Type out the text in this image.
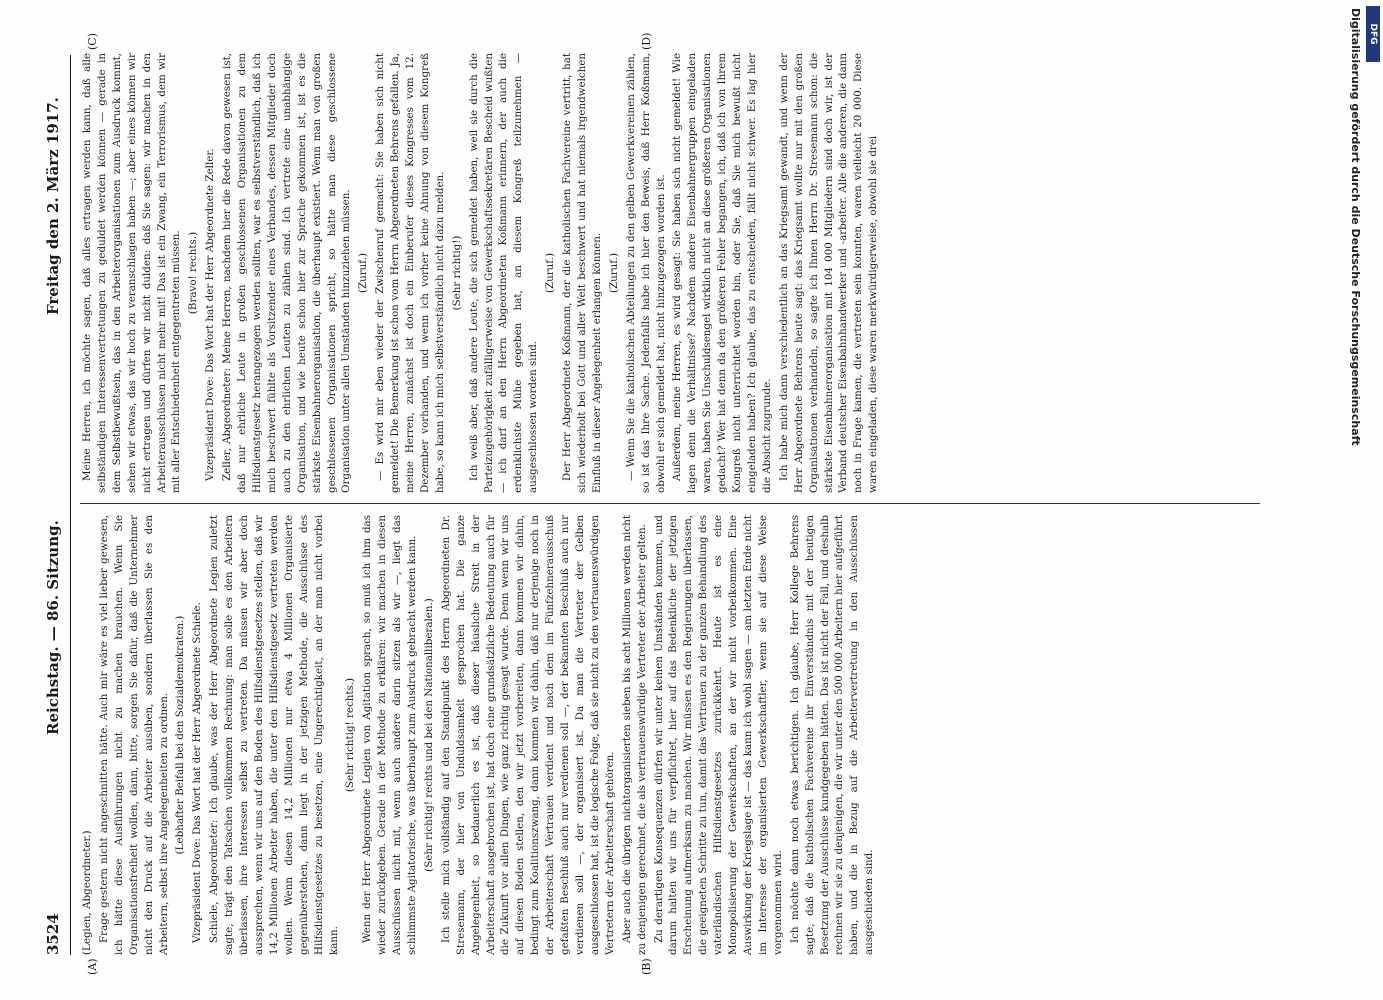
3524
Reichstag. — 86. Sitzung.
Freitag den 2. März 1917.
(A)	(B)
(C)	(D)

(Legien, Abgeordneter.) Frage gestern nicht angeschnitten hätte. Auch mir wäre es viel lieber gewesen, ich hätte diese Ausführungen nicht zu machen brauchen. Wenn Sie Organisationsfreiheit wollen, dann, bitte, sorgen Sie dafür, daß die Unternehmer nicht den Druck auf die Arbeiter ausüben, sondern überlassen Sie es den Arbeitern, selbst ihre Angelegenheiten zu ordnen. (Lebhafter Beifall bei den Sozialdemokraten.) Vizepräsident Dove: Das Wort hat der Herr Abgeordnete Schiele. Schiele, Abgeordneter: Ich glaube, was der Herr Abgeordnete Legien zuletzt sagte, trägt den Tatsachen vollkommen Rechnung: man solle es den Arbeitern überlassen, ihre Interessen selbst zu vertreten. Da müssen wir aber doch aussprechen, wenn wir uns auf den Boden des Hilfsdienstgesetzes stellen, daß wir 14,2 Millionen Arbeiter haben, die unter den Hilfsdienstgesetz vertreten werden wollen. Wenn diesen 14,2 Millionen nur etwa 4 Millionen Organisierte gegenüberstehen, dann liegt in der jetzigen Methode, die Ausschüsse des Hilfsdienstgesetzes zu besetzen, eine Ungerechtigkeit, an der man nicht vorbei kann.

(Sehr richtig! rechts.) Wenn der Herr Abgeordnete Legien von Agitation sprach, so muß ich ihm das wieder zurückgeben. Gerade in der Methode zu erklären: wir machen in diesen Ausschüssen nicht mit, wenn auch andere darin sitzen als wir —, liegt das schlimmste Agitatorische, was überhaupt zum Ausdruck gebracht werden kann. (Sehr richtig! rechts und bei den Nationalliberalen.) Ich stelle mich vollständig auf den Standpunkt des Herrn Abgeordneten Dr. Stresemann, der hier von Unduldsamkeit gesprochen hat. Die ganze Angelegenheit, so bedauerlich es ist, daß dieser häusliche Streit in der Arbeiterschaft ausgebrochen ist, hat doch eine grundsätzliche Bedeutung auch für die Zukunft vor allen Dingen, wie ganz richtig gesagt wurde. Denn wenn wir uns auf diesen Boden stellen, den wir jetzt vorbereiten, dann kommen wir dahin, bedingt zum Koalitionszwang, dann kommen wir dahin, daß nur derjenige noch in der Arbeiterschaft Vertrauen verdient und nach dem im Fünfzehnerausschuß gefaßten Beschluß auch nur verdienen soll —, der bekannten Beschluß auch nur verdienen soll —, der organisiert ist. Da man die Vertreter der Gelben ausgeschlossen hat, ist die logische Folge, daß sie nicht zu den vertrauenswürdigen Vertretern der Arbeiterschaft gehören. Aber auch die übrigen nichtorganisierten sieben bis acht Millionen werden nicht zu denjenigen gerechnet, die als vertrauenswürdige Vertreter der Arbeiter gelten. Zu derartigen Konsequenzen dürfen wir unter keinen Umständen kommen, und darum halten wir uns für verpflichtet, hier auf das Bedenkliche der jetzigen Erscheinung aufmerksam zu machen. Wir müssen es den Regierungen überlassen, die geeigneten Schritte zu tun, damit das Vertrauen zu der ganzen Behandlung des vaterländischen Hilfsdienstgesetzes zurückkehrt. Heute ist es eine Monopolisierung der Gewerkschaften, an der wir nicht vorbeikommen. Eine Auswirkung der Kriegslage ist — das kann ich wohl sagen — am letzten Ende nicht im Interesse der organisierten Gewerkschaftler, wenn sie auf diese Weise vorgenommen wird. Ich möchte dann noch etwas berichtigen. Ich glaube, Herr Kollege Behrens sagte, daß die katholischen Fachvereine ihr Einverständnis mit der heutigen Besetzung der Ausschüsse kundgegeben hätten. Das ist nicht der Fall, und deshalb rechnen wir sie zu denjenigen, die wir unter den 500 000 Arbeitern hier aufgeführt haben, und die in Bezug auf die Arbeitervertretung in den Ausschüssen ausgeschieden sind.

Meine Herren, ich möchte sagen, daß alles ertragen werden kann, daß alle selbständigen Interessenvertretungen zu geduldet werden können — gerade in dem Selbstbewußtsein, das in den Arbeiterorganisationen zum Ausdruck kommt, sehen wir etwas, das wir hoch zu veranschlagen haben —; aber eines können wir nicht ertragen und dürfen wir nicht dulden: daß Sie sagen: wir machen in den Arbeiterausschüssen nicht mehr mit! Das ist ein Zwang, ein Terrorismus, dem wir mit aller Entschiedenheit entgegentreten müssen. (Bravo! rechts.) Vizepräsident Dove: Das Wort hat der Herr Abgeordnete Zeller. Zeller, Abgeordneter: Meine Herren, nachdem hier die Rede davon gewesen ist, daß nur ehrliche Leute in großen geschlossenen Organisationen zu dem Hilfsdienstgesetz herangezogen werden sollten, war es selbstverständlich, daß ich mich beschwert fühlte als Vorsitzender eines Verbandes, dessen Mitglieder doch auch zu den ehrlichen Leuten zu zählen sind. Ich vertrete eine unabhängige Organisation, und wie heute schon hier zur Sprache gekommen ist, ist es die stärkste Eisenbahnerorganisation, die überhaupt existiert. Wenn man von großen geschlossenen Organisationen spricht, so hätte man diese geschlossene Organisation unter allen Umständen hinzuziehen müssen. (Zuruf.) — Es wird mir eben wieder der Zwischenruf gemacht: Sie haben sich nicht gemeldet! Die Bemerkung ist schon vom Herrn Abgeordneten Behrens gefallen. Ja, meine Herren, zunächst ist doch ein Einberufer dieses Kongresses vom 12. Dezember vorhanden, und wenn ich vorher keine Ahnung von diesem Kongreß habe, so kann ich mich selbstverständlich nicht dazu melden. (Sehr richtig!) Ich weiß aber, daß andere Leute, die sich gemeldet haben, weil sie durch die Parteizugehörigkeit zufälligerweise von Gewerkschaftssekretären Bescheid wußten — ich darf an den Herrn Abgeordneten Koßmann erinnern, der auch die erdenklichste Mühe gegeben hat, an diesem Kongreß teilzunehmen — ausgeschlossen worden sind.

(Zuruf.) Der Herr Abgeordnete Koßmann, der die katholischen Fachvereine vertritt, hat sich wiederholt bei Gott und aller Welt beschwert und hat niemals irgendwelchen Einfluß in dieser Angelegenheit erlangen können. (Zuruf.) — Wenn Sie die katholischen Abteilungen zu den gelben Gewerkvereinen zählen, so ist das Ihre Sache. Jedenfalls habe ich hier den Beweis, daß Herr Koßmann, obwohl er sich gemeldet hat, nicht hinzugezogen worden ist. Außerdem, meine Herren, es wird gesagt: Sie haben sich nicht gemeldet! Wie lagen denn die Verhältnisse? Nachdem andere Eisenbahnergruppen eingeladen waren, haben Sie Unschuldsengel wirklich nicht an diese größeren Organisationen gedacht? Wer hat denn da den größeren Fehler begangen, ich, daß ich von Ihrem Kongreß nicht unterrichtet worden bin, oder Sie, daß Sie mich bewußt nicht eingeladen haben? Ich glaube, das zu entscheiden, fällt nicht schwer. Es lag hier die Absicht zugrunde. Ich habe mich dann verschiedentlich an das Kriegsamt gewandt, und wenn der Herr Abgeordnete Behrens heute sagt: das Kriegsamt wollte nur mit den großen Organisationen verhandeln, so sagte ich Ihnen Herrn Dr. Stresemann schon: die stärkste Eisenbahnerorganisation mit 104 000 Mitgliedern sind doch wir, ist der Verband deutscher Eisenbahnhandwerker und -arbeiter. Alle die anderen, die dann noch in Frage kamen, die vertreten sein konnten, waren vielleicht 20 000. Diese waren eingeladen, diese waren merkwürdigerweise, obwohl sie drei	Digitalisierung gefördert durch die Deutsche Forschungsgemeinschaft DFG
